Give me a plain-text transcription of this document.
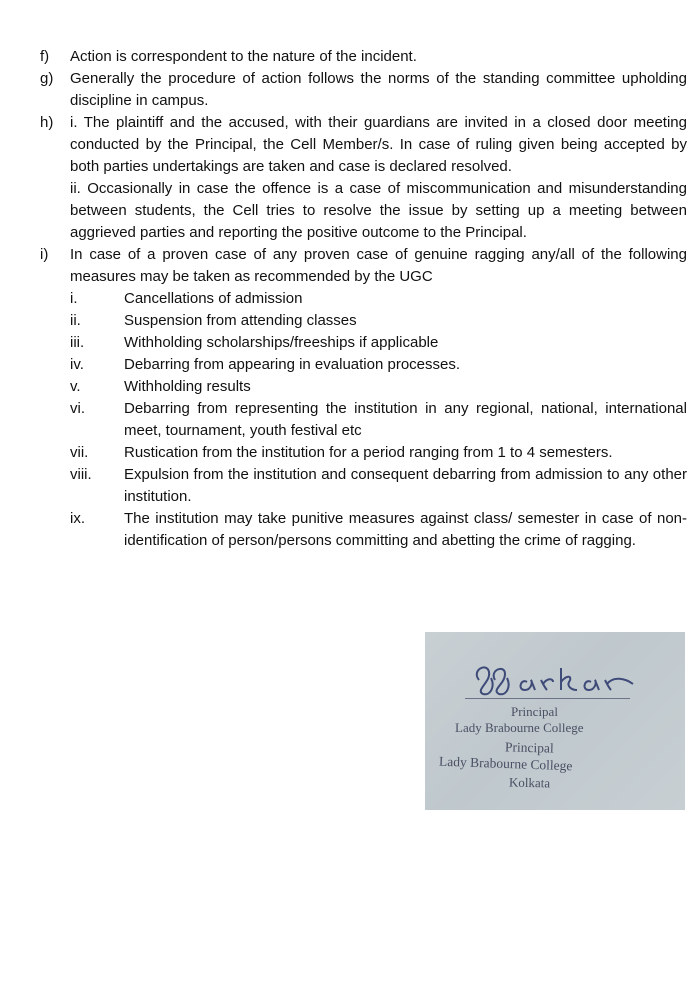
f)	Action is correspondent to the nature of the incident.

g)	Generally the procedure of action follows the norms of the standing committee upholding discipline in campus.

h)	i. The plaintiff and the accused, with their guardians are invited in a closed door meeting conducted by the Principal, the Cell Member/s. In case of ruling given being accepted by both parties undertakings are taken and case is declared resolved.

ii. Occasionally in case the offence is a case of miscommunication and misunderstanding between students, the Cell tries to resolve the issue by setting up a meeting between aggrieved parties and reporting the positive outcome to the Principal.

i)	In case of a proven case of any proven case of genuine ragging any/all of the following measures may be taken as recommended by the UGC

i.	Cancellations of admission
ii.	Suspension from attending classes
iii.	Withholding scholarships/freeships if applicable
iv.	Debarring from appearing in evaluation processes.
v.	Withholding results
vi.	Debarring from representing the institution in any regional, national, international meet, tournament, youth festival etc
vii.	Rustication from the institution for a period ranging from 1 to 4 semesters.
viii.	Expulsion from the institution and consequent debarring from admission to any other institution.
ix.	The institution may take punitive measures against class/ semester in case of non-identification of person/persons committing and abetting the crime of ragging.
Principal
Lady Brabourne College
Principal
Lady Brabourne College
Kolkata
